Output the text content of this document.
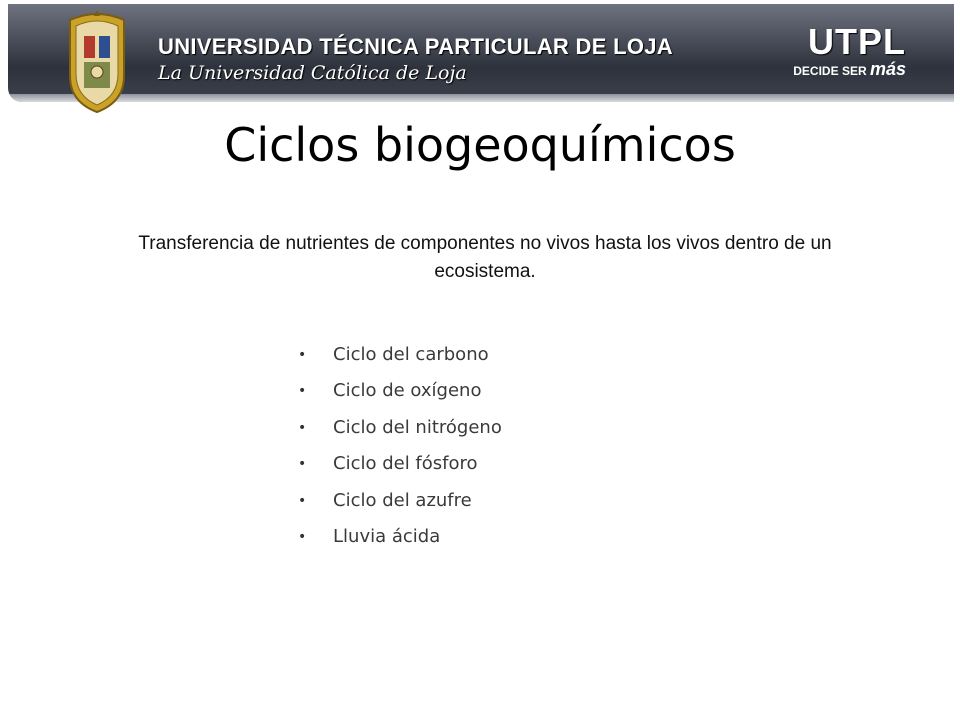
UNIVERSIDAD TÉCNICA PARTICULAR DE LOJA
La Universidad Católica de Loja
UTPL
DECIDE SER más
Ciclos biogeoquímicos
Transferencia de nutrientes de componentes no vivos hasta los vivos dentro de un ecosistema.
• Ciclo del carbono
• Ciclo de oxígeno
• Ciclo del nitrógeno
• Ciclo del fósforo
• Ciclo del azufre
• Lluvia ácida
